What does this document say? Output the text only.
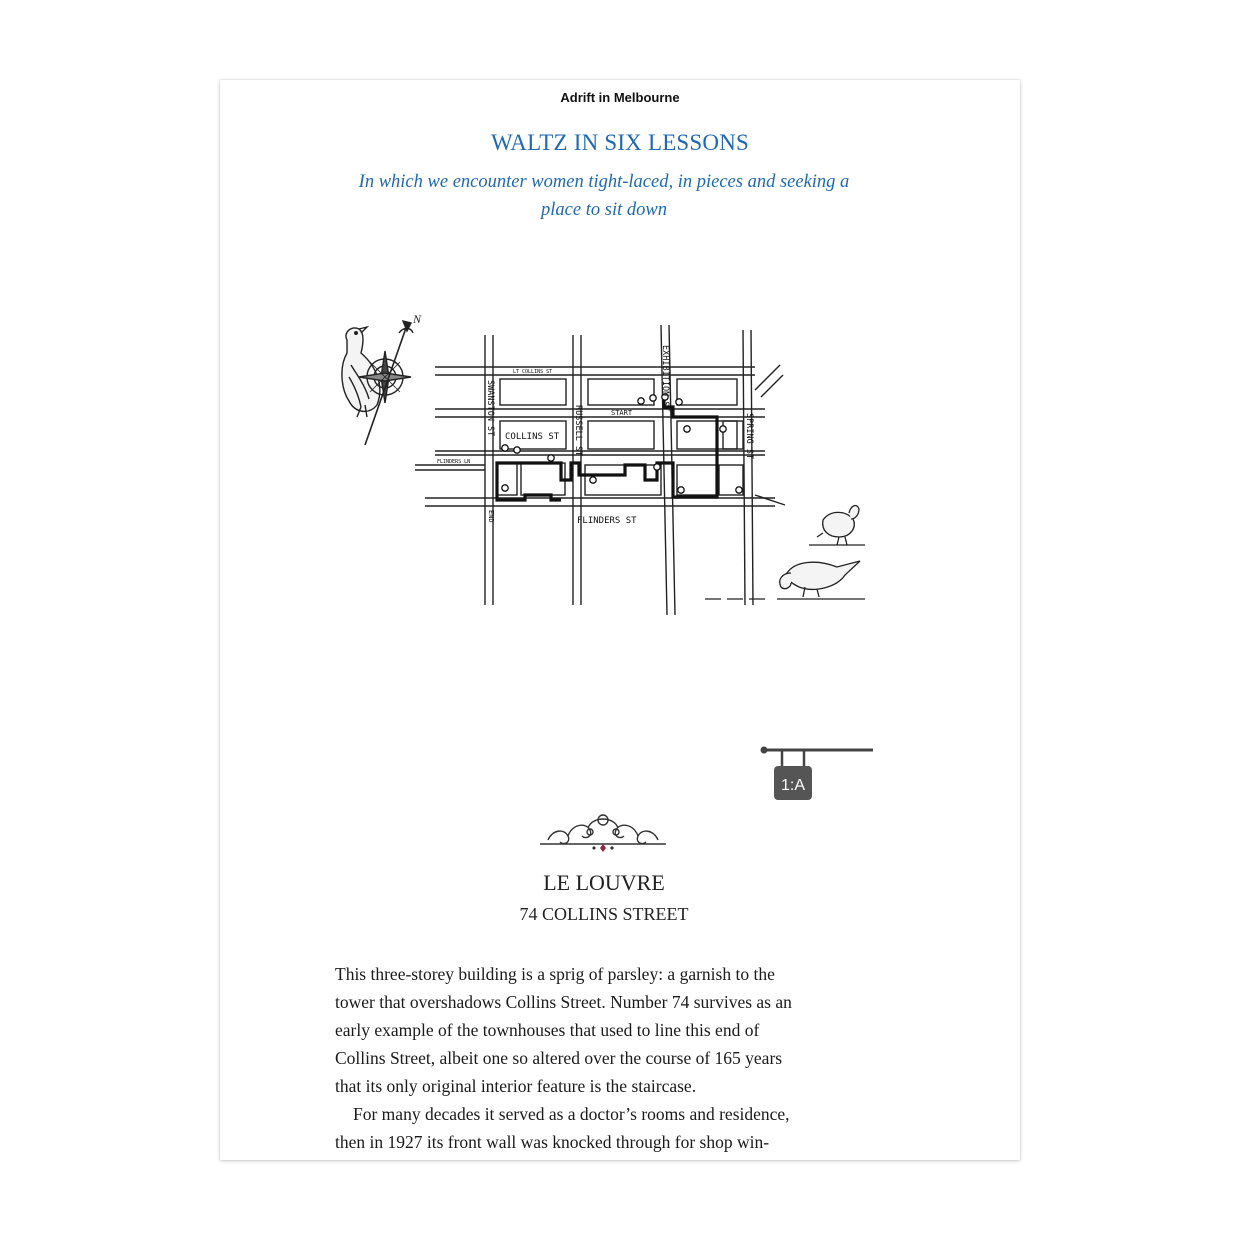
Adrift in Melbourne
WALTZ IN SIX LESSONS
In which we encounter women tight-laced, in pieces and seeking a
place to sit down
N
SWANSTON ST	RUSSELL ST
EXHIBITION ST
SPRING ST
COLLINS ST
LT COLLINS ST
FLINDERS ST
FLINDERS LN
START
END
1:A
LE LOUVRE
74 COLLINS STREET

This three-storey building is a sprig of parsley: a garnish to the

tower that overshadows Collins Street. Number 74 survives as an

early example of the townhouses that used to line this end of

Collins Street, albeit one so altered over the course of 165 years

that its only original interior feature is the staircase.

For many decades it served as a doctor’s rooms and residence,

then in 1927 its front wall was knocked through for shop win-
